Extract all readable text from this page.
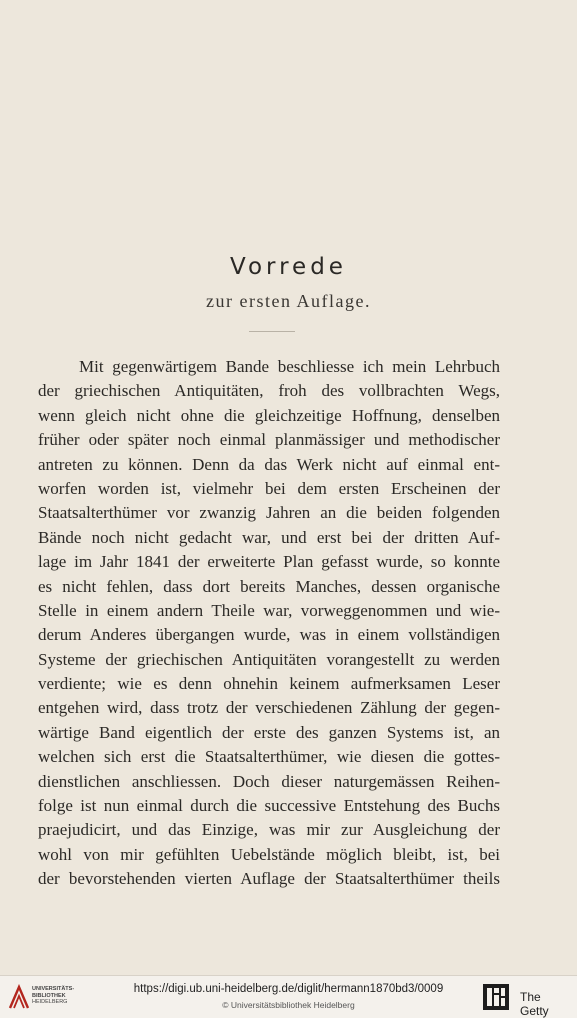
Vorrede
zur ersten Auflage.
Mit gegenwärtigem Bande beschliesse ich mein Lehrbuch
der griechischen Antiquitäten, froh des vollbrachten Wegs,
wenn gleich nicht ohne die gleichzeitige Hoffnung, denselben
früher oder später noch einmal planmässiger und methodischer
antreten zu können. Denn da das Werk nicht auf einmal ent-
worfen worden ist, vielmehr bei dem ersten Erscheinen der
Staatsalterthümer vor zwanzig Jahren an die beiden folgenden
Bände noch nicht gedacht war, und erst bei der dritten Auf-
lage im Jahr 1841 der erweiterte Plan gefasst wurde, so konnte
es nicht fehlen, dass dort bereits Manches, dessen organische
Stelle in einem andern Theile war, vorweggenommen und wie-
derum Anderes übergangen wurde, was in einem vollständigen
Systeme der griechischen Antiquitäten vorangestellt zu werden
verdiente; wie es denn ohnehin keinem aufmerksamen Leser
entgehen wird, dass trotz der verschiedenen Zählung der gegen-
wärtige Band eigentlich der erste des ganzen Systems ist, an
welchen sich erst die Staatsalterthümer, wie diesen die gottes-
dienstlichen anschliessen. Doch dieser naturgemässen Reihen-
folge ist nun einmal durch die successive Entstehung des Buchs
praejudicirt, und das Einzige, was mir zur Ausgleichung der
wohl von mir gefühlten Uebelstände möglich bleibt, ist, bei
der bevorstehenden vierten Auflage der Staatsalterthümer theils
UNIVERSITÄTS-
BIBLIOTHEK
HEIDELBERG
https://digi.ub.uni-heidelberg.de/diglit/hermann1870bd3/0009
© Universitätsbibliothek Heidelberg
The Getty
